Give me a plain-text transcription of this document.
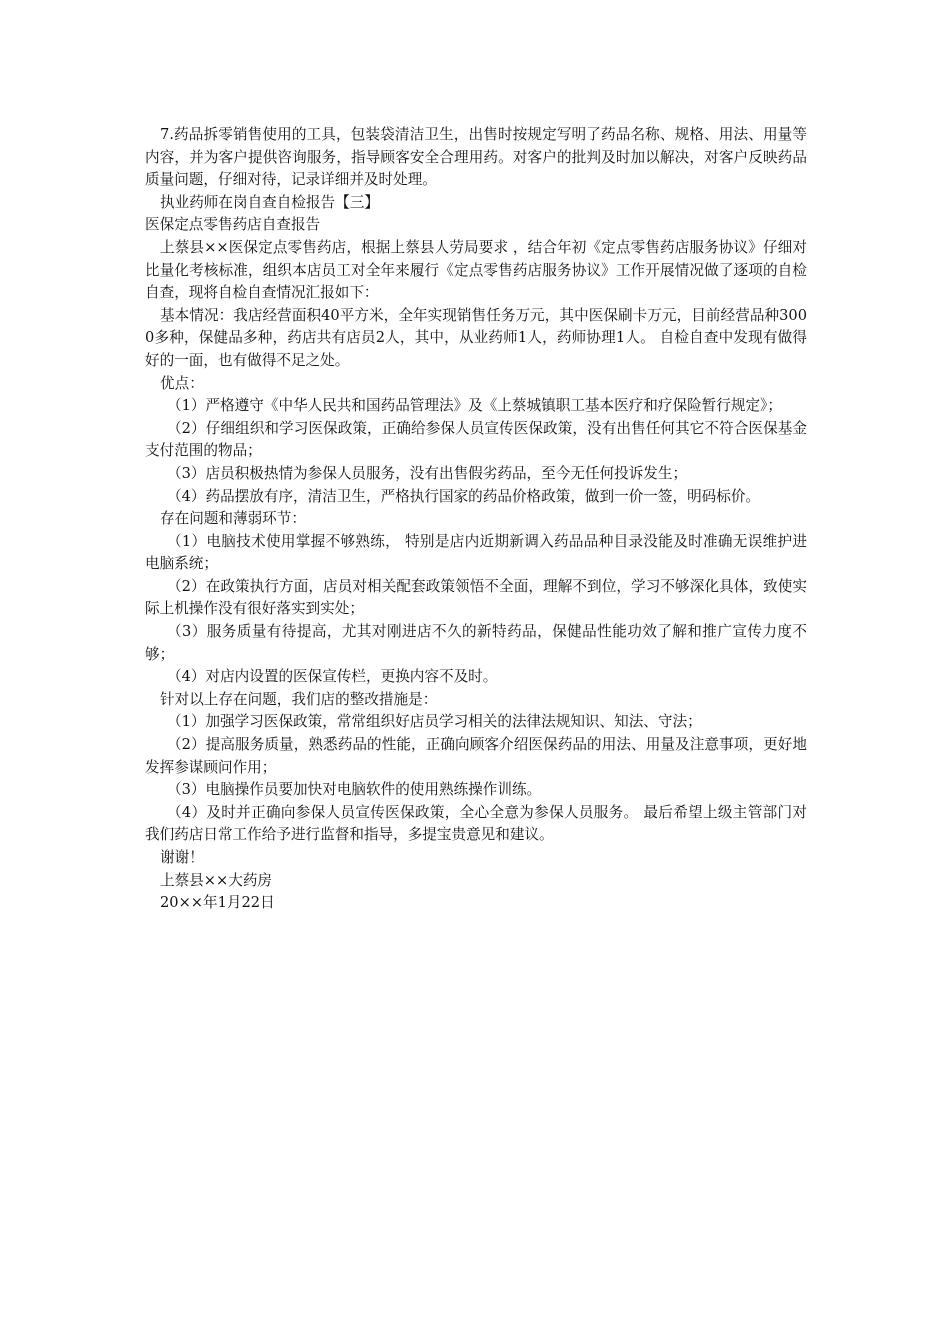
7.药品拆零销售使用的工具，包装袋清洁卫生，出售时按规定写明了药品名称、规格、用法、用量等内容，并为客户提供咨询服务，指导顾客安全合理用药。对客户的批判及时加以解决，对客户反映药品质量问题，仔细对待，记录详细并及时处理。

执业药师在岗自查自检报告【三】

医保定点零售药店自查报告

上蔡县××医保定点零售药店，根据上蔡县人劳局要求 ，结合年初《定点零售药店服务协议》仔细对比量化考核标准，组织本店员工对全年来履行《定点零售药店服务协议》工作开展情况做了逐项的自检自查，现将自检自查情况汇报如下：

基本情况：我店经营面积40平方米，全年实现销售任务万元，其中医保刷卡万元，目前经营品种3000多种，保健品多种，药店共有店员2人，其中，从业药师1人，药师协理1人。 自检自查中发现有做得好的一面，也有做得不足之处。

优点：

（1）严格遵守《中华人民共和国药品管理法》及《上蔡城镇职工基本医疗和疗保险暂行规定》；

（2）仔细组织和学习医保政策，正确给参保人员宣传医保政策，没有出售任何其它不符合医保基金支付范围的物品；

（3）店员积极热情为参保人员服务，没有出售假劣药品，至今无任何投诉发生；

（4）药品摆放有序，清洁卫生，严格执行国家的药品价格政策，做到一价一签，明码标价。

存在问题和薄弱环节：

（1）电脑技术使用掌握不够熟练， 特别是店内近期新调入药品品种目录没能及时准确无误维护进电脑系统；

（2）在政策执行方面，店员对相关配套政策领悟不全面，理解不到位，学习不够深化具体，致使实际上机操作没有很好落实到实处；

（3）服务质量有待提高，尤其对刚进店不久的新特药品，保健品性能功效了解和推广宣传力度不够；

（4）对店内设置的医保宣传栏，更换内容不及时。

针对以上存在问题，我们店的整改措施是：

（1）加强学习医保政策，常常组织好店员学习相关的法律法规知识、知法、守法；

（2）提高服务质量，熟悉药品的性能，正确向顾客介绍医保药品的用法、用量及注意事项，更好地发挥参谋顾问作用；

（3）电脑操作员要加快对电脑软件的使用熟练操作训练。

（4）及时并正确向参保人员宣传医保政策，全心全意为参保人员服务。 最后希望上级主管部门对我们药店日常工作给予进行监督和指导，多提宝贵意见和建议。

谢谢！

上蔡县××大药房

20××年1月22日
